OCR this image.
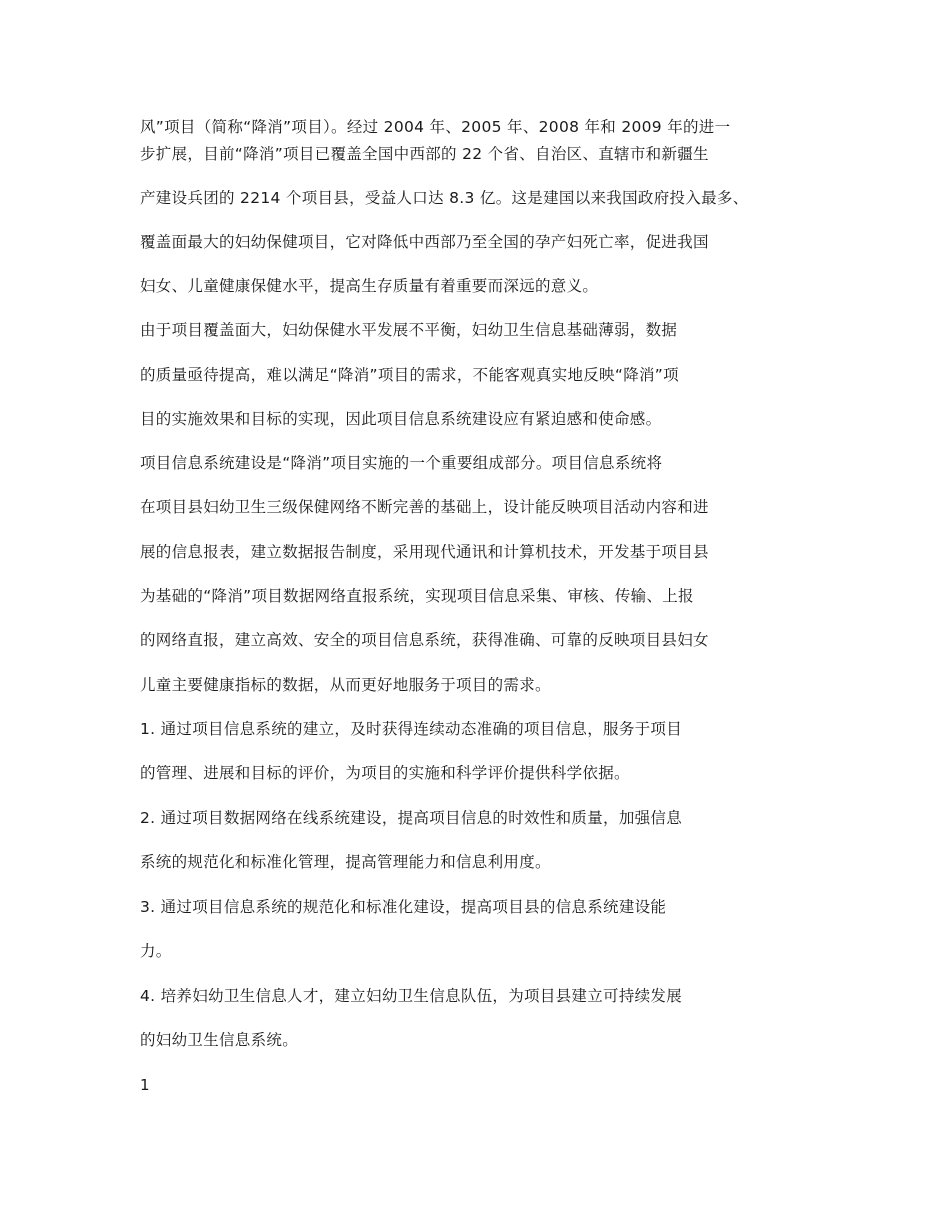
风”项目（简称“降消”项目）。经过 2004 年、2005 年、2008 年和 2009 年的进一
步扩展，目前“降消”项目已覆盖全国中西部的 22 个省、自治区、直辖市和新疆生
产建设兵团的 2214 个项目县，受益人口达 8.3 亿。这是建国以来我国政府投入最多、
覆盖面最大的妇幼保健项目，它对降低中西部乃至全国的孕产妇死亡率，促进我国
妇女、儿童健康保健水平，提高生存质量有着重要而深远的意义。
由于项目覆盖面大，妇幼保健水平发展不平衡，妇幼卫生信息基础薄弱，数据
的质量亟待提高，难以满足“降消”项目的需求，不能客观真实地反映“降消”项
目的实施效果和目标的实现，因此项目信息系统建设应有紧迫感和使命感。
项目信息系统建设是“降消”项目实施的一个重要组成部分。项目信息系统将
在项目县妇幼卫生三级保健网络不断完善的基础上，设计能反映项目活动内容和进
展的信息报表，建立数据报告制度，采用现代通讯和计算机技术，开发基于项目县
为基础的“降消”项目数据网络直报系统，实现项目信息采集、审核、传输、上报
的网络直报，建立高效、安全的项目信息系统，获得准确、可靠的反映项目县妇女
儿童主要健康指标的数据，从而更好地服务于项目的需求。
1. 通过项目信息系统的建立，及时获得连续动态准确的项目信息，服务于项目
的管理、进展和目标的评价，为项目的实施和科学评价提供科学依据。
2. 通过项目数据网络在线系统建设，提高项目信息的时效性和质量，加强信息
系统的规范化和标准化管理，提高管理能力和信息利用度。
3. 通过项目信息系统的规范化和标准化建设，提高项目县的信息系统建设能
力。
4. 培养妇幼卫生信息人才，建立妇幼卫生信息队伍，为项目县建立可持续发展
的妇幼卫生信息系统。
1
